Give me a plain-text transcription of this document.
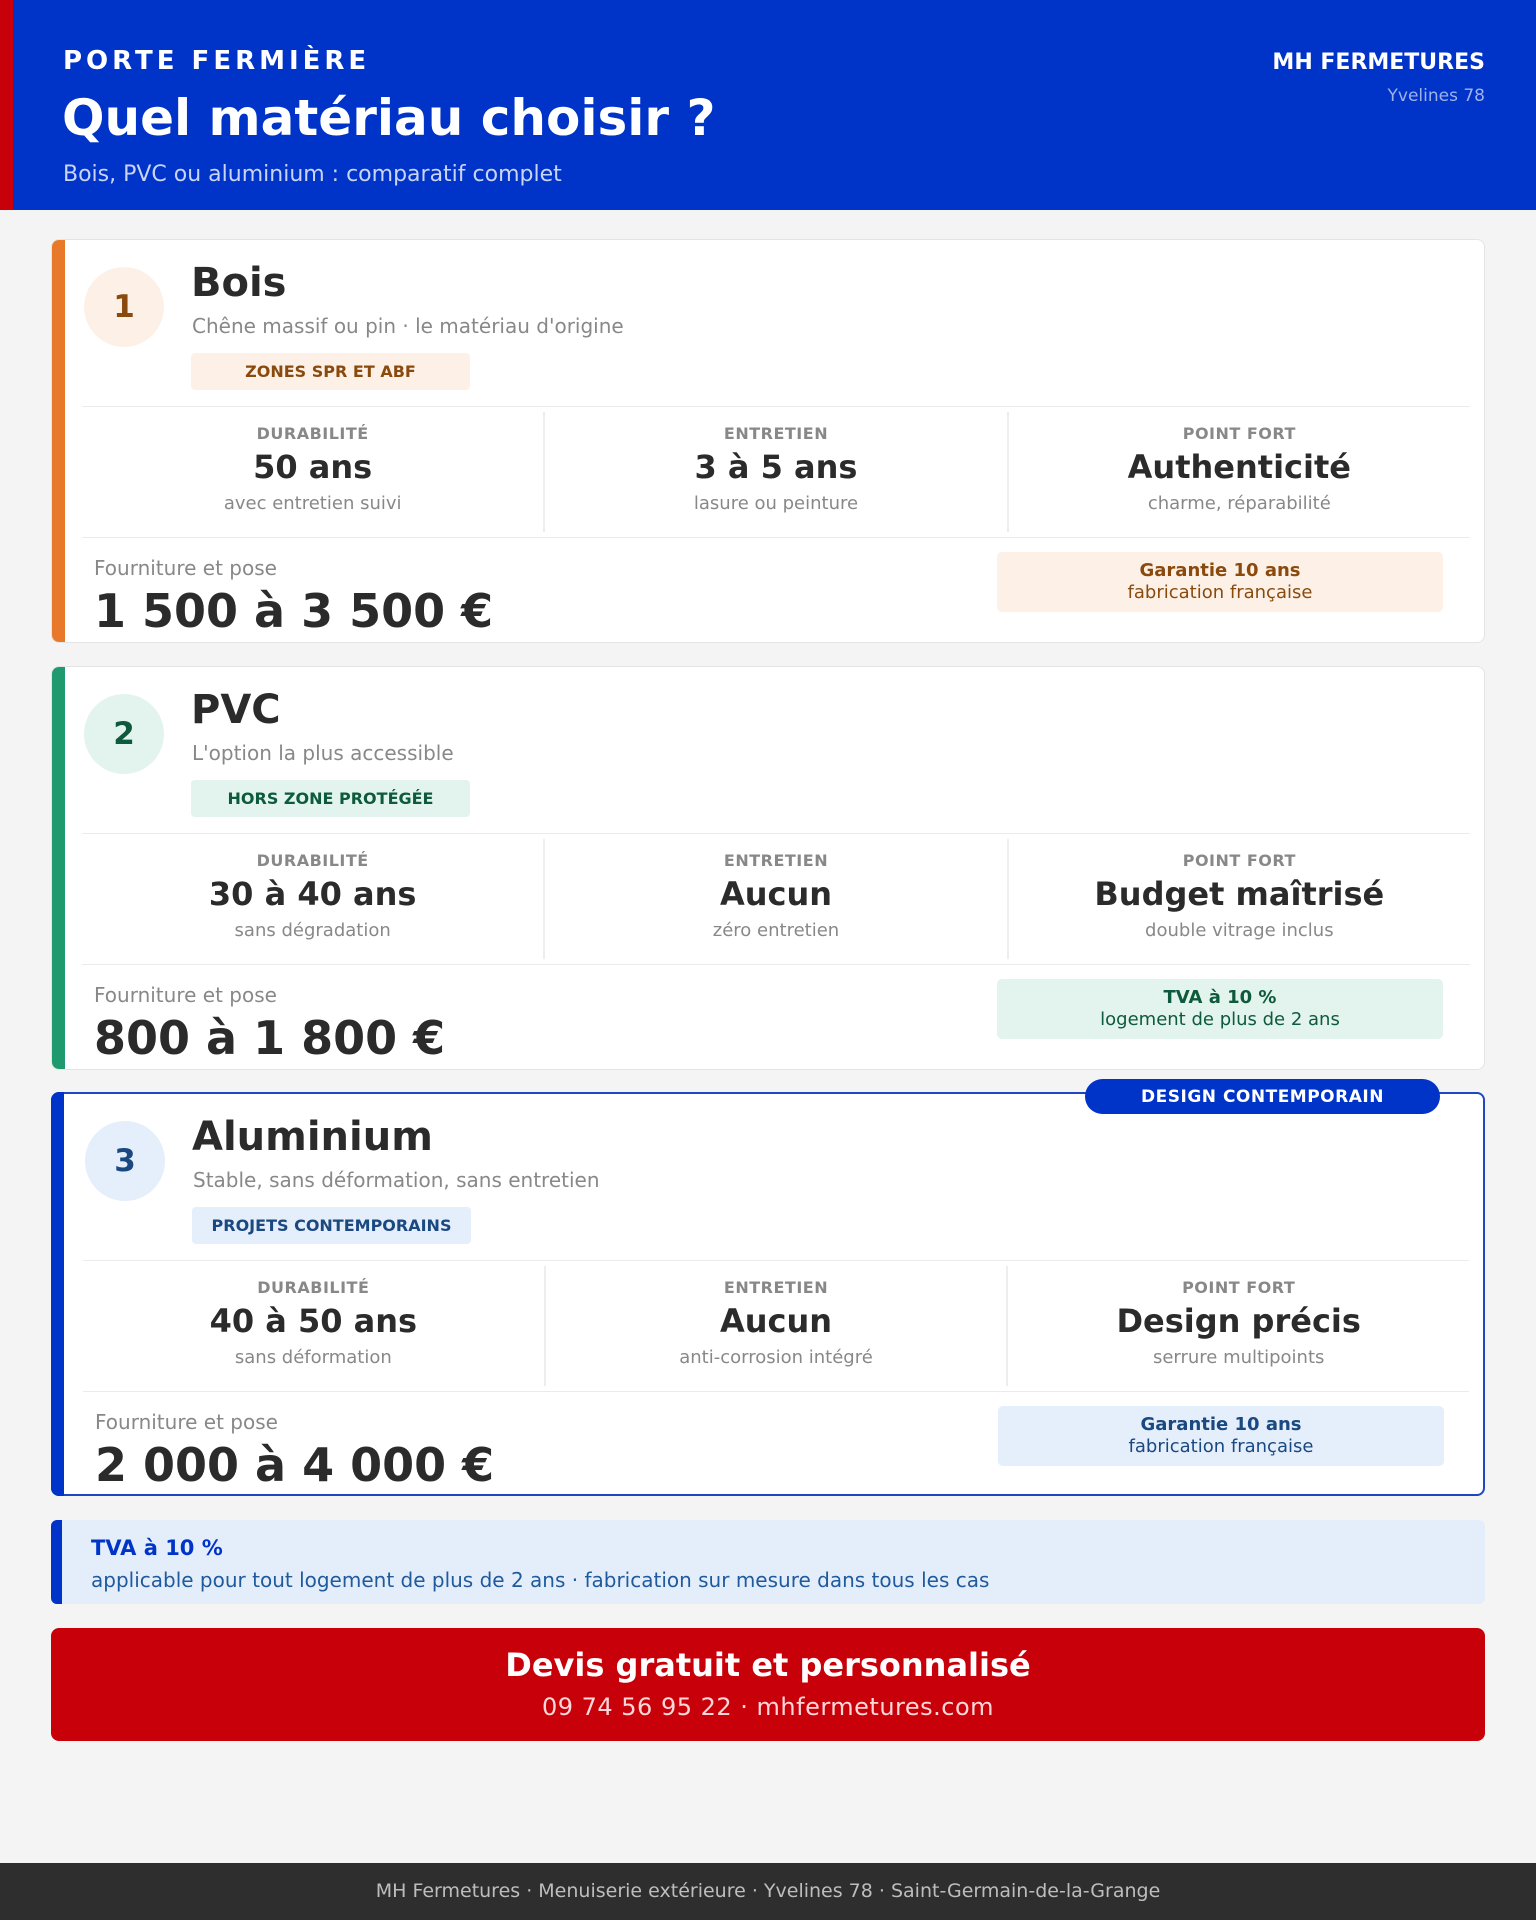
PORTE FERMIÈRE
Quel matériau choisir ?
Bois, PVC ou aluminium : comparatif complet
MH FERMETURES
Yvelines 78
1
Bois
Chêne massif ou pin · le matériau d'origine
ZONES SPR ET ABF
DURABILITÉ
50 ans
avec entretien suivi
ENTRETIEN
3 à 5 ans
lasure ou peinture
POINT FORT
Authenticité
charme, réparabilité
Fourniture et pose
1 500 à 3 500 €
Garantie 10 ans
fabrication française
2
PVC
L'option la plus accessible
HORS ZONE PROTÉGÉE
DURABILITÉ
30 à 40 ans
sans dégradation
ENTRETIEN
Aucun
zéro entretien
POINT FORT
Budget maîtrisé
double vitrage inclus
Fourniture et pose
800 à 1 800 €
TVA à 10 %
logement de plus de 2 ans
DESIGN CONTEMPORAIN
3
Aluminium
Stable, sans déformation, sans entretien
PROJETS CONTEMPORAINS
DURABILITÉ
40 à 50 ans
sans déformation
ENTRETIEN
Aucun
anti-corrosion intégré
POINT FORT
Design précis
serrure multipoints
Fourniture et pose
2 000 à 4 000 €
Garantie 10 ans
fabrication française
TVA à 10 %
applicable pour tout logement de plus de 2 ans · fabrication sur mesure dans tous les cas
Devis gratuit et personnalisé
09 74 56 95 22 · mhfermetures.com
MH Fermetures · Menuiserie extérieure · Yvelines 78 · Saint-Germain-de-la-Grange
